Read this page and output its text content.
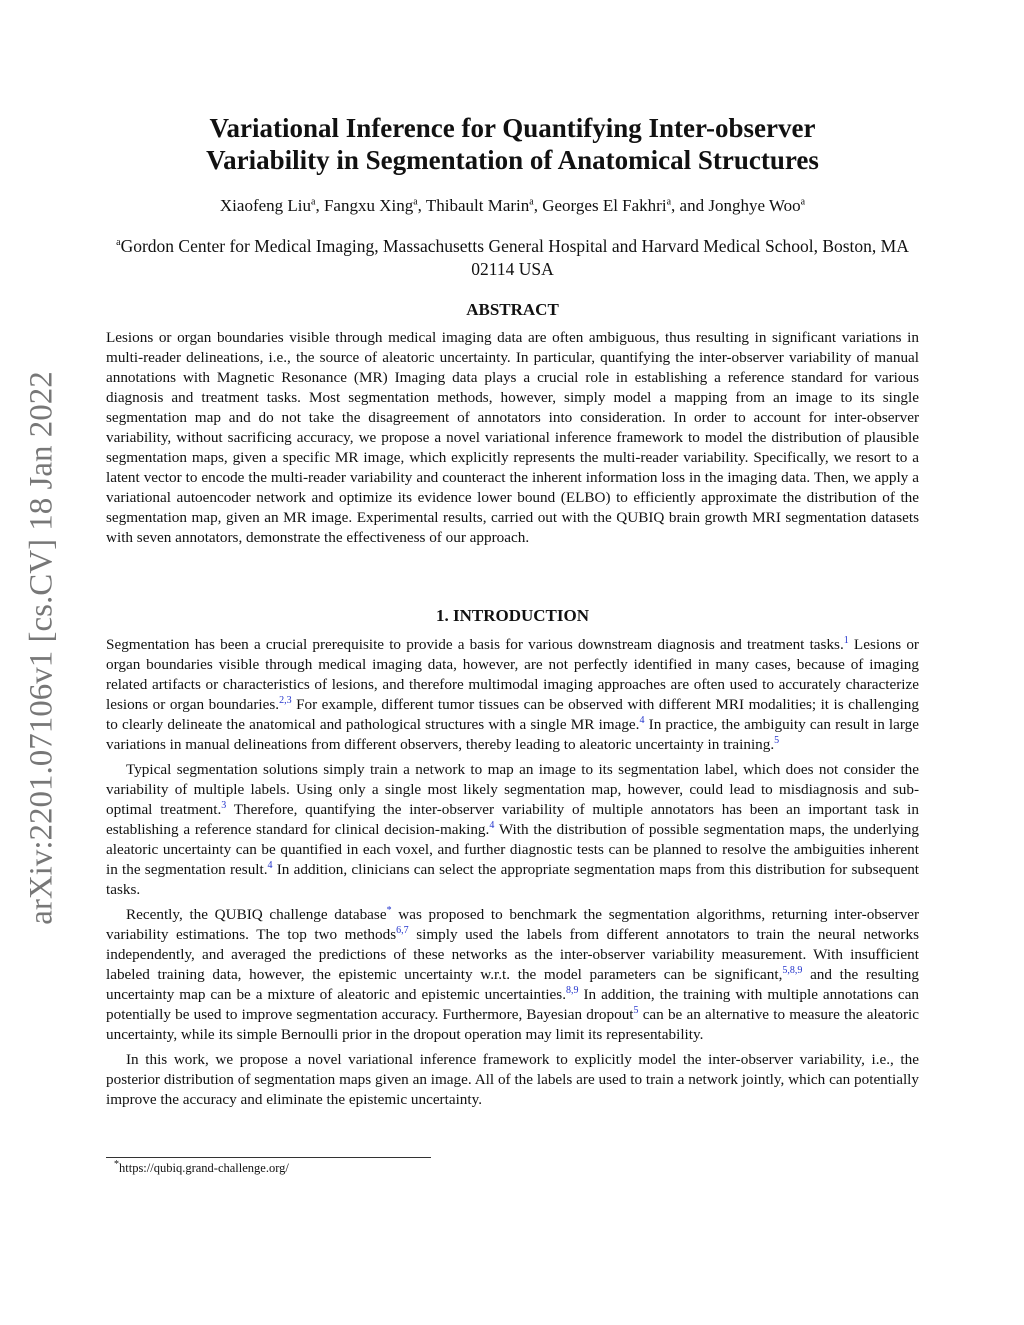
arXiv:2201.07106v1 [cs.CV] 18 Jan 2022
Variational Inference for Quantifying Inter-observer
Variability in Segmentation of Anatomical Structures
Xiaofeng Liu$^a$, Fangxu Xing$^a$, Thibault Marin$^a$, Georges El Fakhri$^a$, and Jonghye Woo$^a$
$^a$Gordon Center for Medical Imaging, Massachusetts General Hospital and Harvard Medical School, Boston, MA 02114 USA
ABSTRACT

Lesions or organ boundaries visible through medical imaging data are often ambiguous, thus resulting in significant variations in multi-reader delineations, i.e., the source of aleatoric uncertainty. In particular, quantifying the inter-observer variability of manual annotations with Magnetic Resonance (MR) Imaging data plays a crucial role in establishing a reference standard for various diagnosis and treatment tasks. Most segmentation methods, however, simply model a mapping from an image to its single segmentation map and do not take the disagreement of annotators into consideration. In order to account for inter-observer variability, without sacrificing accuracy, we propose a novel variational inference framework to model the distribution of plausible segmentation maps, given a specific MR image, which explicitly represents the multi-reader variability. Specifically, we resort to a latent vector to encode the multi-reader variability and counteract the inherent information loss in the imaging data. Then, we apply a variational autoencoder network and optimize its evidence lower bound (ELBO) to efficiently approximate the distribution of the segmentation map, given an MR image. Experimental results, carried out with the QUBIQ brain growth MRI segmentation datasets with seven annotators, demonstrate the effectiveness of our approach.

1. INTRODUCTION

Segmentation has been a crucial prerequisite to provide a basis for various downstream diagnosis and treatment tasks.$^1$ Lesions or organ boundaries visible through medical imaging data, however, are not perfectly identified in many cases, because of imaging related artifacts or characteristics of lesions, and therefore multimodal imaging approaches are often used to accurately characterize lesions or organ boundaries.$^{2,3}$ For example, different tumor tissues can be observed with different MRI modalities; it is challenging to clearly delineate the anatomical and pathological structures with a single MR image.$^4$ In practice, the ambiguity can result in large variations in manual delineations from different observers, thereby leading to aleatoric uncertainty in training.$^5$

Typical segmentation solutions simply train a network to map an image to its segmentation label, which does not consider the variability of multiple labels. Using only a single most likely segmentation map, however, could lead to misdiagnosis and sub-optimal treatment.$^3$ Therefore, quantifying the inter-observer variability of multiple annotators has been an important task in establishing a reference standard for clinical decision-making.$^4$ With the distribution of possible segmentation maps, the underlying aleatoric uncertainty can be quantified in each voxel, and further diagnostic tests can be planned to resolve the ambiguities inherent in the segmentation result.$^4$ In addition, clinicians can select the appropriate segmentation maps from this distribution for subsequent tasks.

Recently, the QUBIQ challenge database* was proposed to benchmark the segmentation algorithms, returning inter-observer variability estimations. The top two methods$^{6,7}$ simply used the labels from different annotators to train the neural networks independently, and averaged the predictions of these networks as the inter-observer variability measurement. With insufficient labeled training data, however, the epistemic uncertainty w.r.t. the model parameters can be significant,$^{5,8,9}$ and the resulting uncertainty map can be a mixture of aleatoric and epistemic uncertainties.$^{8,9}$ In addition, the training with multiple annotations can potentially be used to improve segmentation accuracy. Furthermore, Bayesian dropout$^5$ can be an alternative to measure the aleatoric uncertainty, while its simple Bernoulli prior in the dropout operation may limit its representability.

In this work, we propose a novel variational inference framework to explicitly model the inter-observer variability, i.e., the posterior distribution of segmentation maps given an image. All of the labels are used to train a network jointly, which can potentially improve the accuracy and eliminate the epistemic uncertainty.

*https://qubiq.grand-challenge.org/
